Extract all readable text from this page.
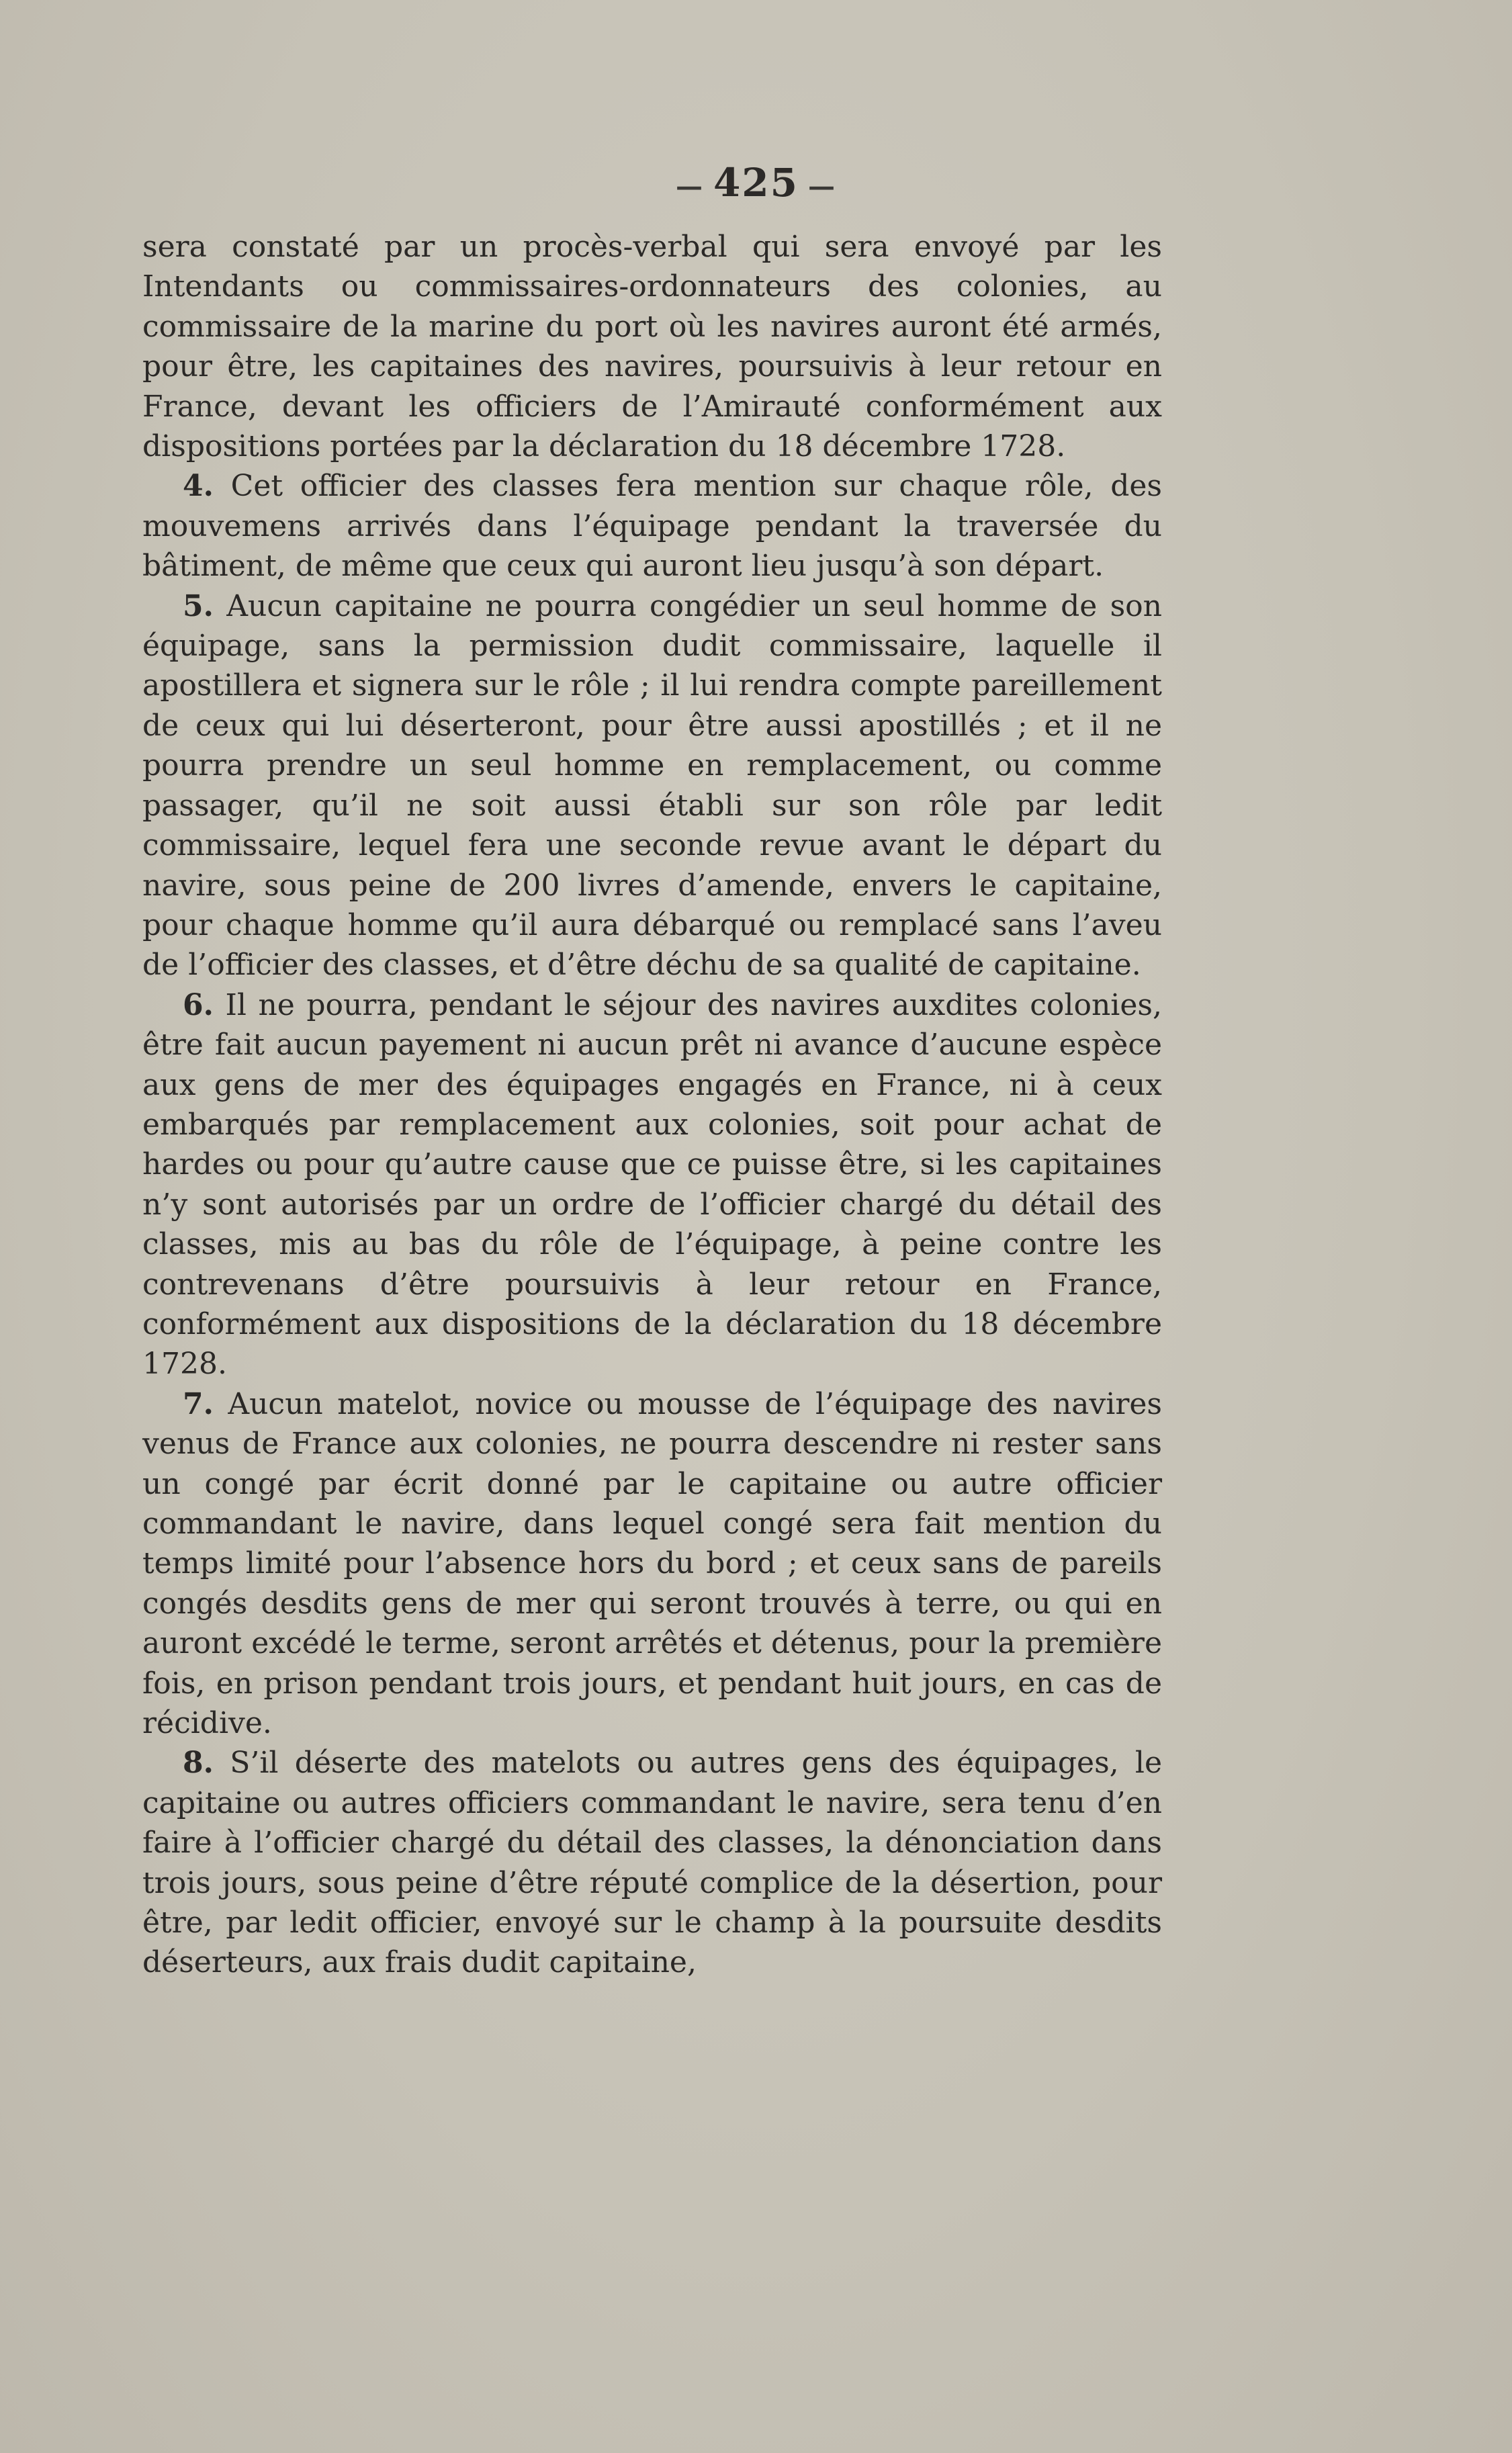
— 425 —

sera constaté par un procès-verbal qui sera envoyé par les Intendants ou commissaires-ordonnateurs des colonies, au commissaire de la marine du port où les navires auront été armés, pour être, les capitaines des navires, poursuivis à leur retour en France, devant les officiers de l’Amirauté conformément aux dispositions portées par la déclaration du 18 décembre 1728.

4. Cet officier des classes fera mention sur chaque rôle, des mouvemens arrivés dans l’équipage pendant la traversée du bâtiment, de même que ceux qui auront lieu jusqu’à son départ.

5. Aucun capitaine ne pourra congédier un seul homme de son équipage, sans la permission dudit commissaire, laquelle il apostillera et signera sur le rôle ; il lui rendra compte pareillement de ceux qui lui déserteront, pour être aussi apostillés ; et il ne pourra prendre un seul homme en remplacement, ou comme passager, qu’il ne soit aussi établi sur son rôle par ledit commissaire, lequel fera une seconde revue avant le départ du navire, sous peine de 200 livres d’amende, envers le capitaine, pour chaque homme qu’il aura débarqué ou remplacé sans l’aveu de l’officier des classes, et d’être déchu de sa qualité de capitaine.

6. Il ne pourra, pendant le séjour des navires auxdites colonies, être fait aucun payement ni aucun prêt ni avance d’aucune espèce aux gens de mer des équipages engagés en France, ni à ceux embarqués par remplacement aux colonies, soit pour achat de hardes ou pour qu’autre cause que ce puisse être, si les capitaines n’y sont autorisés par un ordre de l’officier chargé du détail des classes, mis au bas du rôle de l’équipage, à peine contre les contrevenans d’être poursuivis à leur retour en France, conformément aux dispositions de la déclaration du 18 décembre 1728.

7. Aucun matelot, novice ou mousse de l’équipage des navires venus de France aux colonies, ne pourra descendre ni rester sans un congé par écrit donné par le capitaine ou autre officier commandant le navire, dans lequel congé sera fait mention du temps limité pour l’absence hors du bord ; et ceux sans de pareils congés desdits gens de mer qui seront trouvés à terre, ou qui en auront excédé le terme, seront arrêtés et détenus, pour la première fois, en prison pendant trois jours, et pendant huit jours, en cas de récidive.

8. S’il déserte des matelots ou autres gens des équipages, le capitaine ou autres officiers commandant le navire, sera tenu d’en faire à l’officier chargé du détail des classes, la dénonciation dans trois jours, sous peine d’être réputé complice de la désertion, pour être, par ledit officier, envoyé sur le champ à la poursuite desdits déserteurs, aux frais dudit capitaine,
